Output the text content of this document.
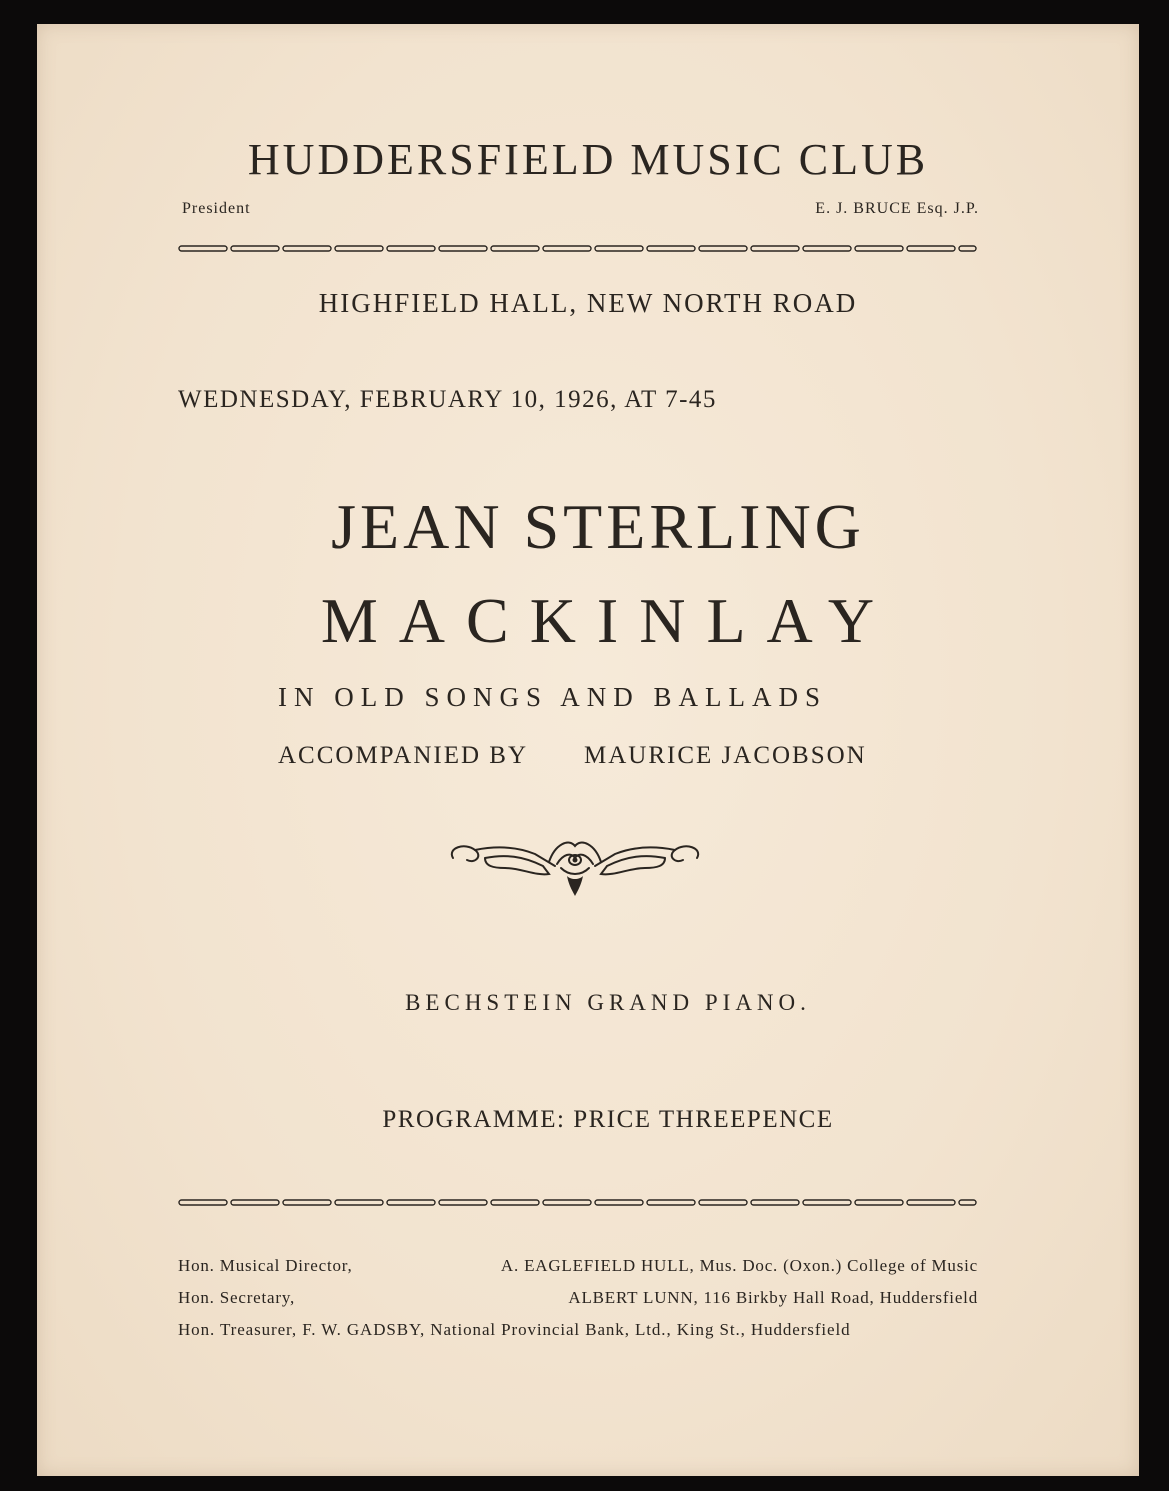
HUDDERSFIELD MUSIC CLUB
President	E. J. BRUCE Esq. J.P.
HIGHFIELD HALL, NEW NORTH ROAD
WEDNESDAY, FEBRUARY 10, 1926, AT 7-45
JEAN STERLING
MACKINLAY
IN OLD SONGS AND BALLADS
ACCOMPANIED BY MAURICE JACOBSON
BECHSTEIN GRAND PIANO.
PROGRAMME: PRICE THREEPENCE
Hon. Musical Director,	A. EAGLEFIELD HULL, Mus. Doc. (Oxon.) College of Music
Hon. Secretary,	ALBERT LUNN, 116 Birkby Hall Road, Huddersfield
Hon. Treasurer, F. W. GADSBY, National Provincial Bank, Ltd., King St., Huddersfield
